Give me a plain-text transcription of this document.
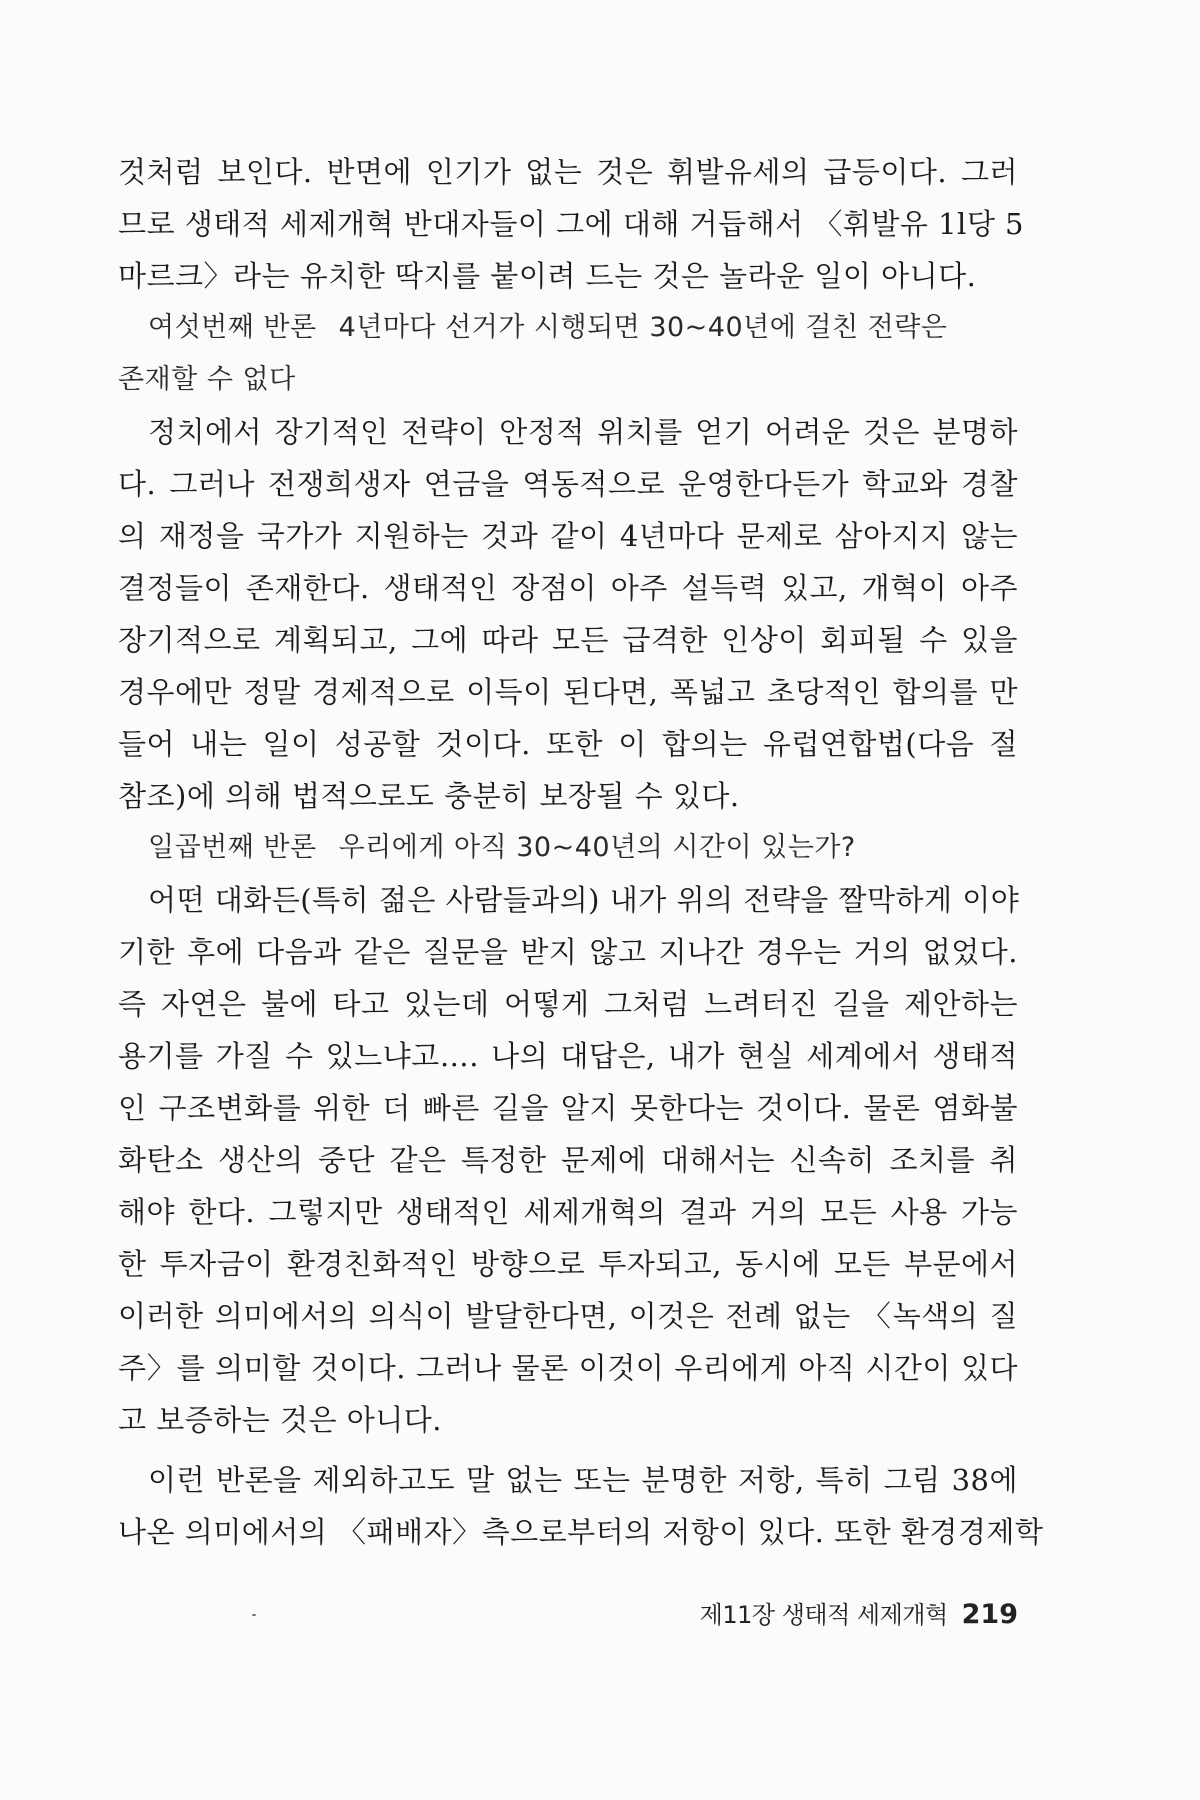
것처럼 보인다. 반면에 인기가 없는 것은 휘발유세의 급등이다. 그러
므로 생태적 세제개혁 반대자들이 그에 대해 거듭해서 〈휘발유 1l당 5
마르크〉라는 유치한 딱지를 붙이려 드는 것은 놀라운 일이 아니다.
여섯번째 반론 4년마다 선거가 시행되면 30~40년에 걸친 전략은
존재할 수 없다
정치에서 장기적인 전략이 안정적 위치를 얻기 어려운 것은 분명하
다. 그러나 전쟁희생자 연금을 역동적으로 운영한다든가 학교와 경찰
의 재정을 국가가 지원하는 것과 같이 4년마다 문제로 삼아지지 않는
결정들이 존재한다. 생태적인 장점이 아주 설득력 있고, 개혁이 아주
장기적으로 계획되고, 그에 따라 모든 급격한 인상이 회피될 수 있을
경우에만 정말 경제적으로 이득이 된다면, 폭넓고 초당적인 합의를 만
들어 내는 일이 성공할 것이다. 또한 이 합의는 유럽연합법(다음 절
참조)에 의해 법적으로도 충분히 보장될 수 있다.
일곱번째 반론 우리에게 아직 30~40년의 시간이 있는가?
어떤 대화든(특히 젊은 사람들과의) 내가 위의 전략을 짤막하게 이야
기한 후에 다음과 같은 질문을 받지 않고 지나간 경우는 거의 없었다.
즉 자연은 불에 타고 있는데 어떻게 그처럼 느려터진 길을 제안하는
용기를 가질 수 있느냐고…. 나의 대답은, 내가 현실 세계에서 생태적
인 구조변화를 위한 더 빠른 길을 알지 못한다는 것이다. 물론 염화불
화탄소 생산의 중단 같은 특정한 문제에 대해서는 신속히 조치를 취
해야 한다. 그렇지만 생태적인 세제개혁의 결과 거의 모든 사용 가능
한 투자금이 환경친화적인 방향으로 투자되고, 동시에 모든 부문에서
이러한 의미에서의 의식이 발달한다면, 이것은 전례 없는 〈녹색의 질
주〉를 의미할 것이다. 그러나 물론 이것이 우리에게 아직 시간이 있다
고 보증하는 것은 아니다.
이런 반론을 제외하고도 말 없는 또는 분명한 저항, 특히 그림 38에
나온 의미에서의 〈패배자〉측으로부터의 저항이 있다. 또한 환경경제학
제11장 생태적 세제개혁 219
